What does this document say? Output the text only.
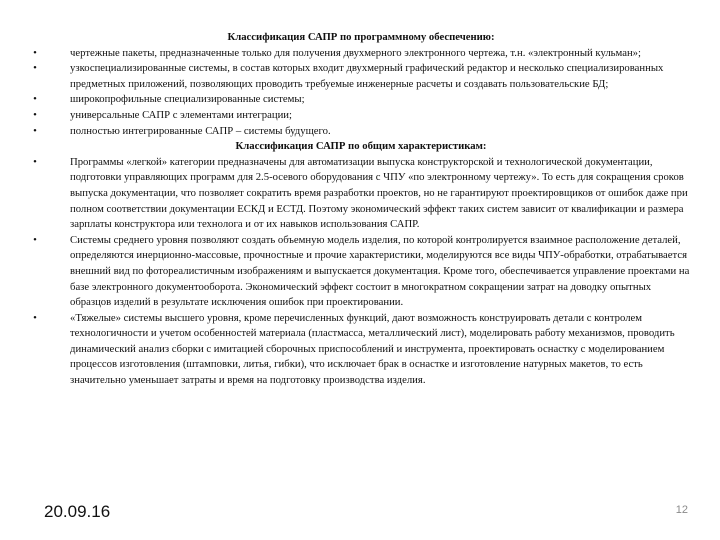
Классификация САПР по программному обеспечению:

•	чертежные пакеты, предназначенные только для получения двухмерного электронного чертежа, т.н. «электронный кульман»;
•	узкоспециализированные системы, в состав которых входит двухмерный графический редактор и несколько специализированных предметных приложений, позволяющих проводить требуемые инженерные расчеты и создавать пользовательские БД;
•	широкопрофильные специализированные системы;
•	универсальные САПР с элементами интеграции;
•	полностью интегрированные САПР – системы будущего.

Классификация САПР по общим характеристикам:

•	Программы «легкой» категории предназначены для автоматизации выпуска конструкторской и технологической документации, подготовки управляющих программ для 2.5-осевого оборудования с ЧПУ «по электронному чертежу». То есть для сокращения сроков выпуска документации, что позволяет сократить время разработки проектов, но не гарантируют проектировщиков от ошибок даже при полном соответствии документации ЕСКД и ЕСТД. Поэтому экономический эффект таких систем зависит от квалификации и размера зарплаты конструктора или технолога и от их навыков использования САПР.
•	Системы среднего уровня позволяют создать объемную модель изделия, по которой контролируется взаимное расположение деталей, определяются инерционно-массовые, прочностные и прочие характеристики, моделируются все виды ЧПУ-обработки, отрабатывается внешний вид по фотореалистичным изображениям и выпускается документация. Кроме того, обеспечивается управление проектами на базе электронного документооборота. Экономический эффект состоит в многократном сокращении затрат на доводку опытных образцов изделий в результате исключения ошибок при проектировании.
•	«Тяжелые» системы высшего уровня, кроме перечисленных функций, дают возможность конструировать детали с контролем технологичности и учетом особенностей материала (пластмасса, металлический лист), моделировать работу механизмов, проводить динамический анализ сборки с имитацией сборочных приспособлений и инструмента, проектировать оснастку с моделированием процессов изготовления (штамповки, литья, гибки), что исключает брак в оснастке и изготовление натурных макетов, то есть значительно уменьшает затраты и время на подготовку производства изделия.
20.09.16	12
